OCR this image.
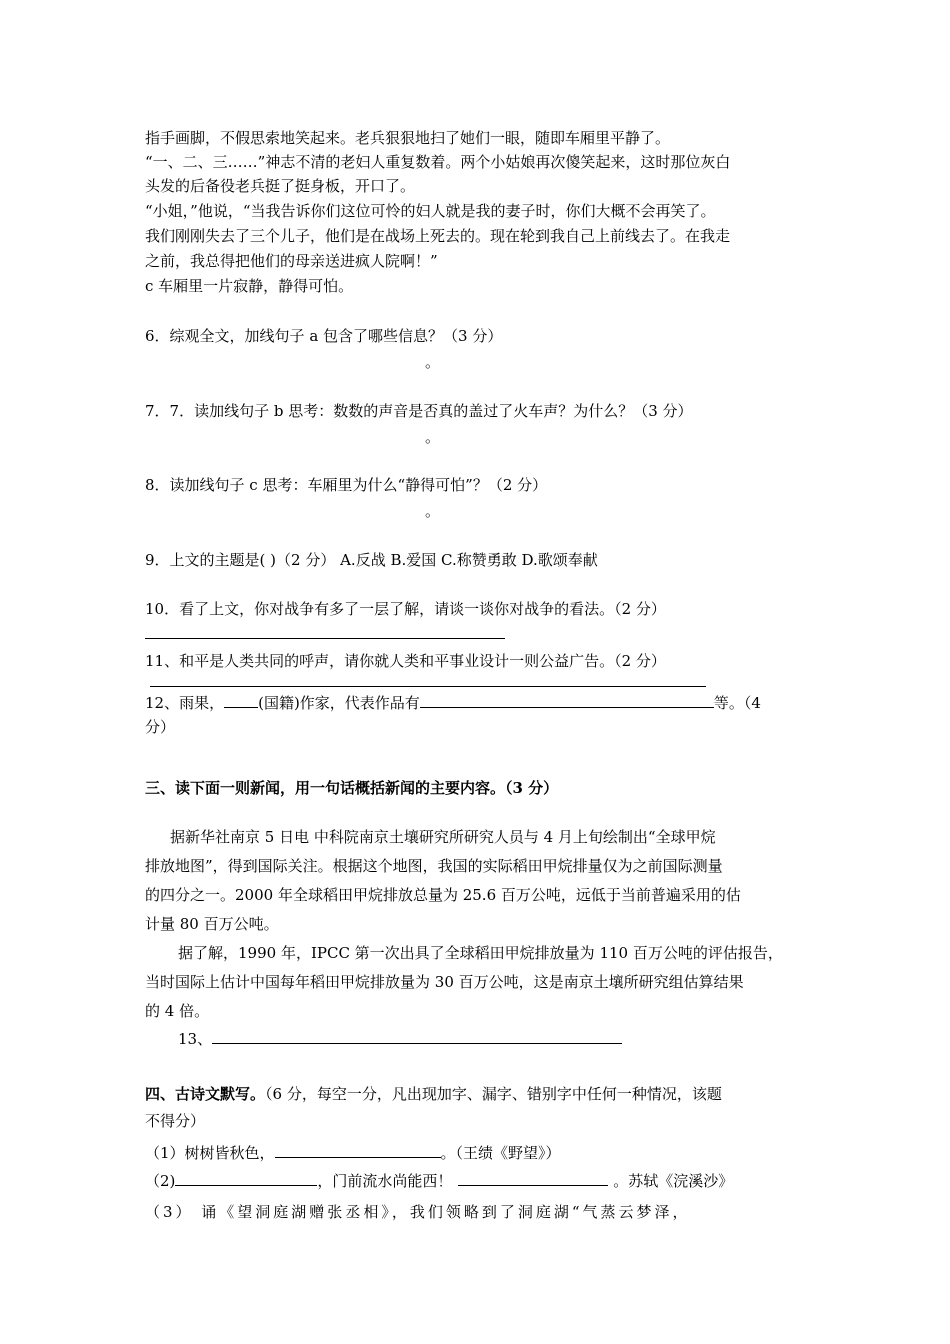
指手画脚，不假思索地笑起来。老兵狠狠地扫了她们一眼，随即车厢里平静了。
“一、二、三……”神志不清的老妇人重复数着。两个小姑娘再次傻笑起来，这时那位灰白
头发的后备役老兵挺了挺身板，开口了。
“小姐，”他说，“当我告诉你们这位可怜的妇人就是我的妻子时，你们大概不会再笑了。
我们刚刚失去了三个儿子，他们是在战场上死去的。现在轮到我自己上前线去了。在我走
之前，我总得把他们的母亲送进疯人院啊！”
c 车厢里一片寂静，静得可怕。
6．综观全文，加线句子 a 包含了哪些信息？（3 分）
。
7．7．读加线句子 b 思考：数数的声音是否真的盖过了火车声？为什么？（3 分）
。
8．读加线句子 c 思考：车厢里为什么“静得可怕”？（2 分）
。
9．上文的主题是( )（2 分） A.反战 B.爱国 C.称赞勇敢 D.歌颂奉献
10．看了上文，你对战争有多了一层了解，请谈一谈你对战争的看法。（2 分）
11、和平是人类共同的呼声，请你就人类和平事业设计一则公益广告。（2 分）
12、雨果， (国籍)作家，代表作品有	等。（4
分）
三、读下面一则新闻，用一句话概括新闻的主要内容。（3 分）
据新华社南京 5 日电 中科院南京土壤研究所研究人员与 4 月上旬绘制出“全球甲烷
排放地图”，得到国际关注。根据这个地图，我国的实际稻田甲烷排量仅为之前国际测量
的四分之一。2000 年全球稻田甲烷排放总量为 25.6 百万公吨，远低于当前普遍采用的估
计量 80 百万公吨。
据了解，1990 年，IPCC 第一次出具了全球稻田甲烷排放量为 110 百万公吨的评估报告，
当时国际上估计中国每年稻田甲烷排放量为 30 百万公吨，这是南京土壤所研究组估算结果
的 4 倍。
13、
四、古诗文默写。（6 分，每空一分，凡出现加字、漏字、错别字中任何一种情况，该题
不得分）
（1）树树皆秋色，	。（王绩《野望》）
（2)	，门前流水尚能西！	。苏轼《浣溪沙》
（3） 诵《望洞庭湖赠张丞相》，我们领略到了洞庭湖“气蒸云梦泽，
